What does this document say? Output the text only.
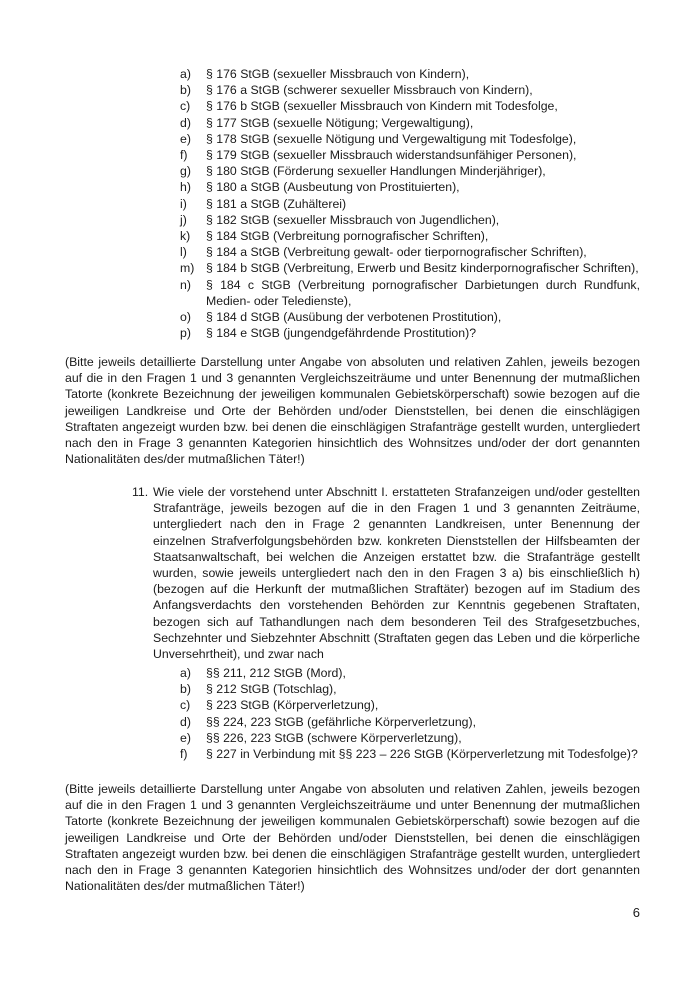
a)	§ 176 StGB (sexueller Missbrauch von Kindern),
b)	§ 176 a StGB (schwerer sexueller Missbrauch von Kindern),
c)	§ 176 b StGB (sexueller Missbrauch von Kindern mit Todesfolge,
d)	§ 177 StGB (sexuelle Nötigung; Vergewaltigung),
e)	§ 178 StGB (sexuelle Nötigung und Vergewaltigung mit Todesfolge),
f)	§ 179 StGB (sexueller Missbrauch widerstandsunfähiger Personen),
g)	§ 180 StGB (Förderung sexueller Handlungen Minderjähriger),
h)	§ 180 a StGB (Ausbeutung von Prostituierten),
i)	§ 181 a StGB (Zuhälterei)
j)	§ 182 StGB (sexueller Missbrauch von Jugendlichen),
k)	§ 184 StGB (Verbreitung pornografischer Schriften),
l)	§ 184 a StGB (Verbreitung gewalt- oder tierpornografischer Schriften),
m) § 184 b StGB (Verbreitung, Erwerb und Besitz kinderpornografischer Schriften),
n)	§ 184 c StGB (Verbreitung pornografischer Darbietungen durch Rundfunk, Medien- oder Teledienste),
o)	§ 184 d StGB (Ausübung der verbotenen Prostitution),
p)	§ 184 e StGB (jungendgefährdende Prostitution)?

(Bitte jeweils detaillierte Darstellung unter Angabe von absoluten und relativen Zahlen, jeweils bezogen auf die in den Fragen 1 und 3 genannten Vergleichszeiträume und unter Benennung der mutmaßlichen Tatorte (konkrete Bezeichnung der jeweiligen kommunalen Gebietskörperschaft) sowie bezogen auf die jeweiligen Landkreise und Orte der Behörden und/oder Dienststellen, bei denen die einschlägigen Straftaten angezeigt wurden bzw. bei denen die einschlägigen Strafanträge gestellt wurden, untergliedert nach den in Frage 3 genannten Kategorien hinsichtlich des Wohnsitzes und/oder der dort genannten Nationalitäten des/der mutmaßlichen Täter!)

11. Wie viele der vorstehend unter Abschnitt I. erstatteten Strafanzeigen und/oder gestellten Strafanträge, jeweils bezogen auf die in den Fragen 1 und 3 genannten Zeiträume, untergliedert nach den in Frage 2 genannten Landkreisen, unter Benennung der einzelnen Strafverfolgungsbehörden bzw. konkreten Dienststellen der Hilfsbeamten der Staatsanwaltschaft, bei welchen die Anzeigen erstattet bzw. die Strafanträge gestellt wurden, sowie jeweils untergliedert nach den in den Fragen 3 a) bis einschließlich h) (bezogen auf die Herkunft der mutmaßlichen Straftäter) bezogen auf im Stadium des Anfangsverdachts den vorstehenden Behörden zur Kenntnis gegebenen Straftaten, bezogen sich auf Tathandlungen nach dem besonderen Teil des Strafgesetzbuches, Sechzehnter und Siebzehnter Abschnitt (Straftaten gegen das Leben und die körperliche Unversehrtheit), und zwar nach
a)	§§ 211, 212 StGB (Mord),
b)	§ 212 StGB (Totschlag),
c)	§ 223 StGB (Körperverletzung),
d)	§§ 224, 223 StGB (gefährliche Körperverletzung),
e)	§§ 226, 223 StGB (schwere Körperverletzung),
f)	§ 227 in Verbindung mit §§ 223 – 226 StGB (Körperverletzung mit Todesfolge)?

(Bitte jeweils detaillierte Darstellung unter Angabe von absoluten und relativen Zahlen, jeweils bezogen auf die in den Fragen 1 und 3 genannten Vergleichszeiträume und unter Benennung der mutmaßlichen Tatorte (konkrete Bezeichnung der jeweiligen kommunalen Gebietskörperschaft) sowie bezogen auf die jeweiligen Landkreise und Orte der Behörden und/oder Dienststellen, bei denen die einschlägigen Straftaten angezeigt wurden bzw. bei denen die einschlägigen Strafanträge gestellt wurden, untergliedert nach den in Frage 3 genannten Kategorien hinsichtlich des Wohnsitzes und/oder der dort genannten Nationalitäten des/der mutmaßlichen Täter!)

6
